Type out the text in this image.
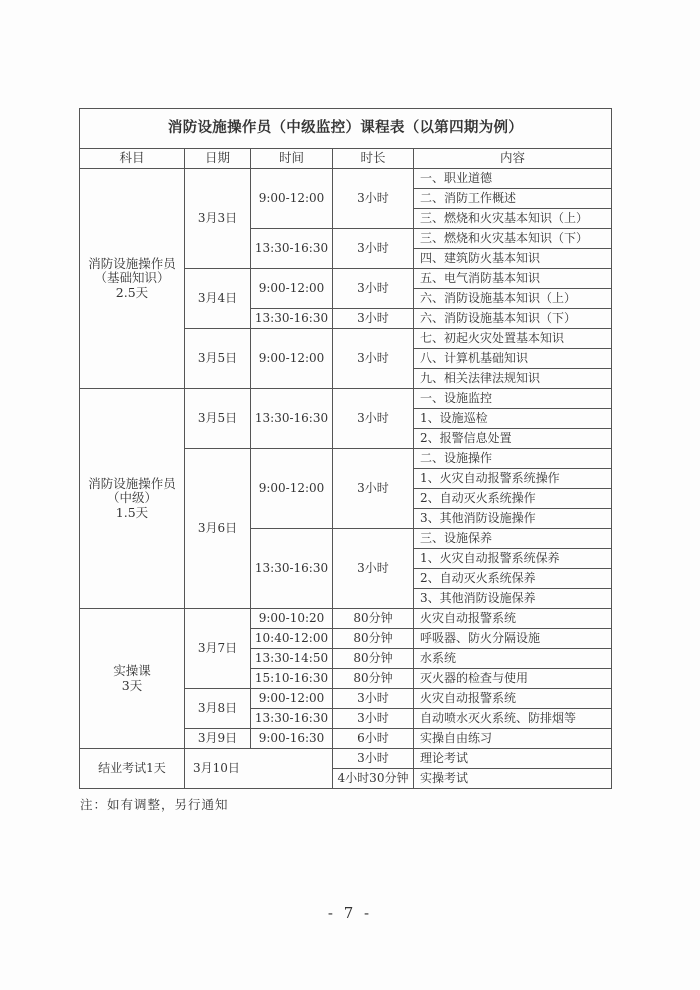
消防设施操作员（中级监控）课程表（以第四期为例）				
科目	日期	时间	时长	内容
消防设施操作员
（基础知识）
2.5天	3月3日	9:00-12:00	3小时	一、职业道德
				二、消防工作概述
				三、燃烧和火灾基本知识（上）
		13:30-16:30	3小时	三、燃烧和火灾基本知识（下）
				四、建筑防火基本知识
	3月4日	9:00-12:00	3小时	五、电气消防基本知识
				六、消防设施基本知识（上）
		13:30-16:30	3小时	六、消防设施基本知识（下）
	3月5日	9:00-12:00	3小时	七、初起火灾处置基本知识
				八、计算机基础知识
				九、相关法律法规知识
消防设施操作员
（中级）
1.5天	3月5日	13:30-16:30	3小时	一、设施监控
				1、设施巡检
				2、报警信息处置
	3月6日	9:00-12:00	3小时	二、设施操作
				1、火灾自动报警系统操作
				2、自动灭火系统操作
				3、其他消防设施操作
		13:30-16:30	3小时	三、设施保养
				1、火灾自动报警系统保养
				2、自动灭火系统保养
				3、其他消防设施保养
实操课
3天	3月7日	9:00-10:20	80分钟	火灾自动报警系统
		10:40-12:00	80分钟	呼吸器、防火分隔设施
		13:30-14:50	80分钟	水系统
		15:10-16:30	80分钟	灭火器的检查与使用
	3月8日	9:00-12:00	3小时	火灾自动报警系统
		13:30-16:30	3小时	自动喷水灭火系统、防排烟等
	3月9日	9:00-16:30	6小时	实操自由练习
结业考试1天	3月10日		3小时	理论考试
			4小时30分钟	实操考试
注：如有调整，另行通知
- 7 -
